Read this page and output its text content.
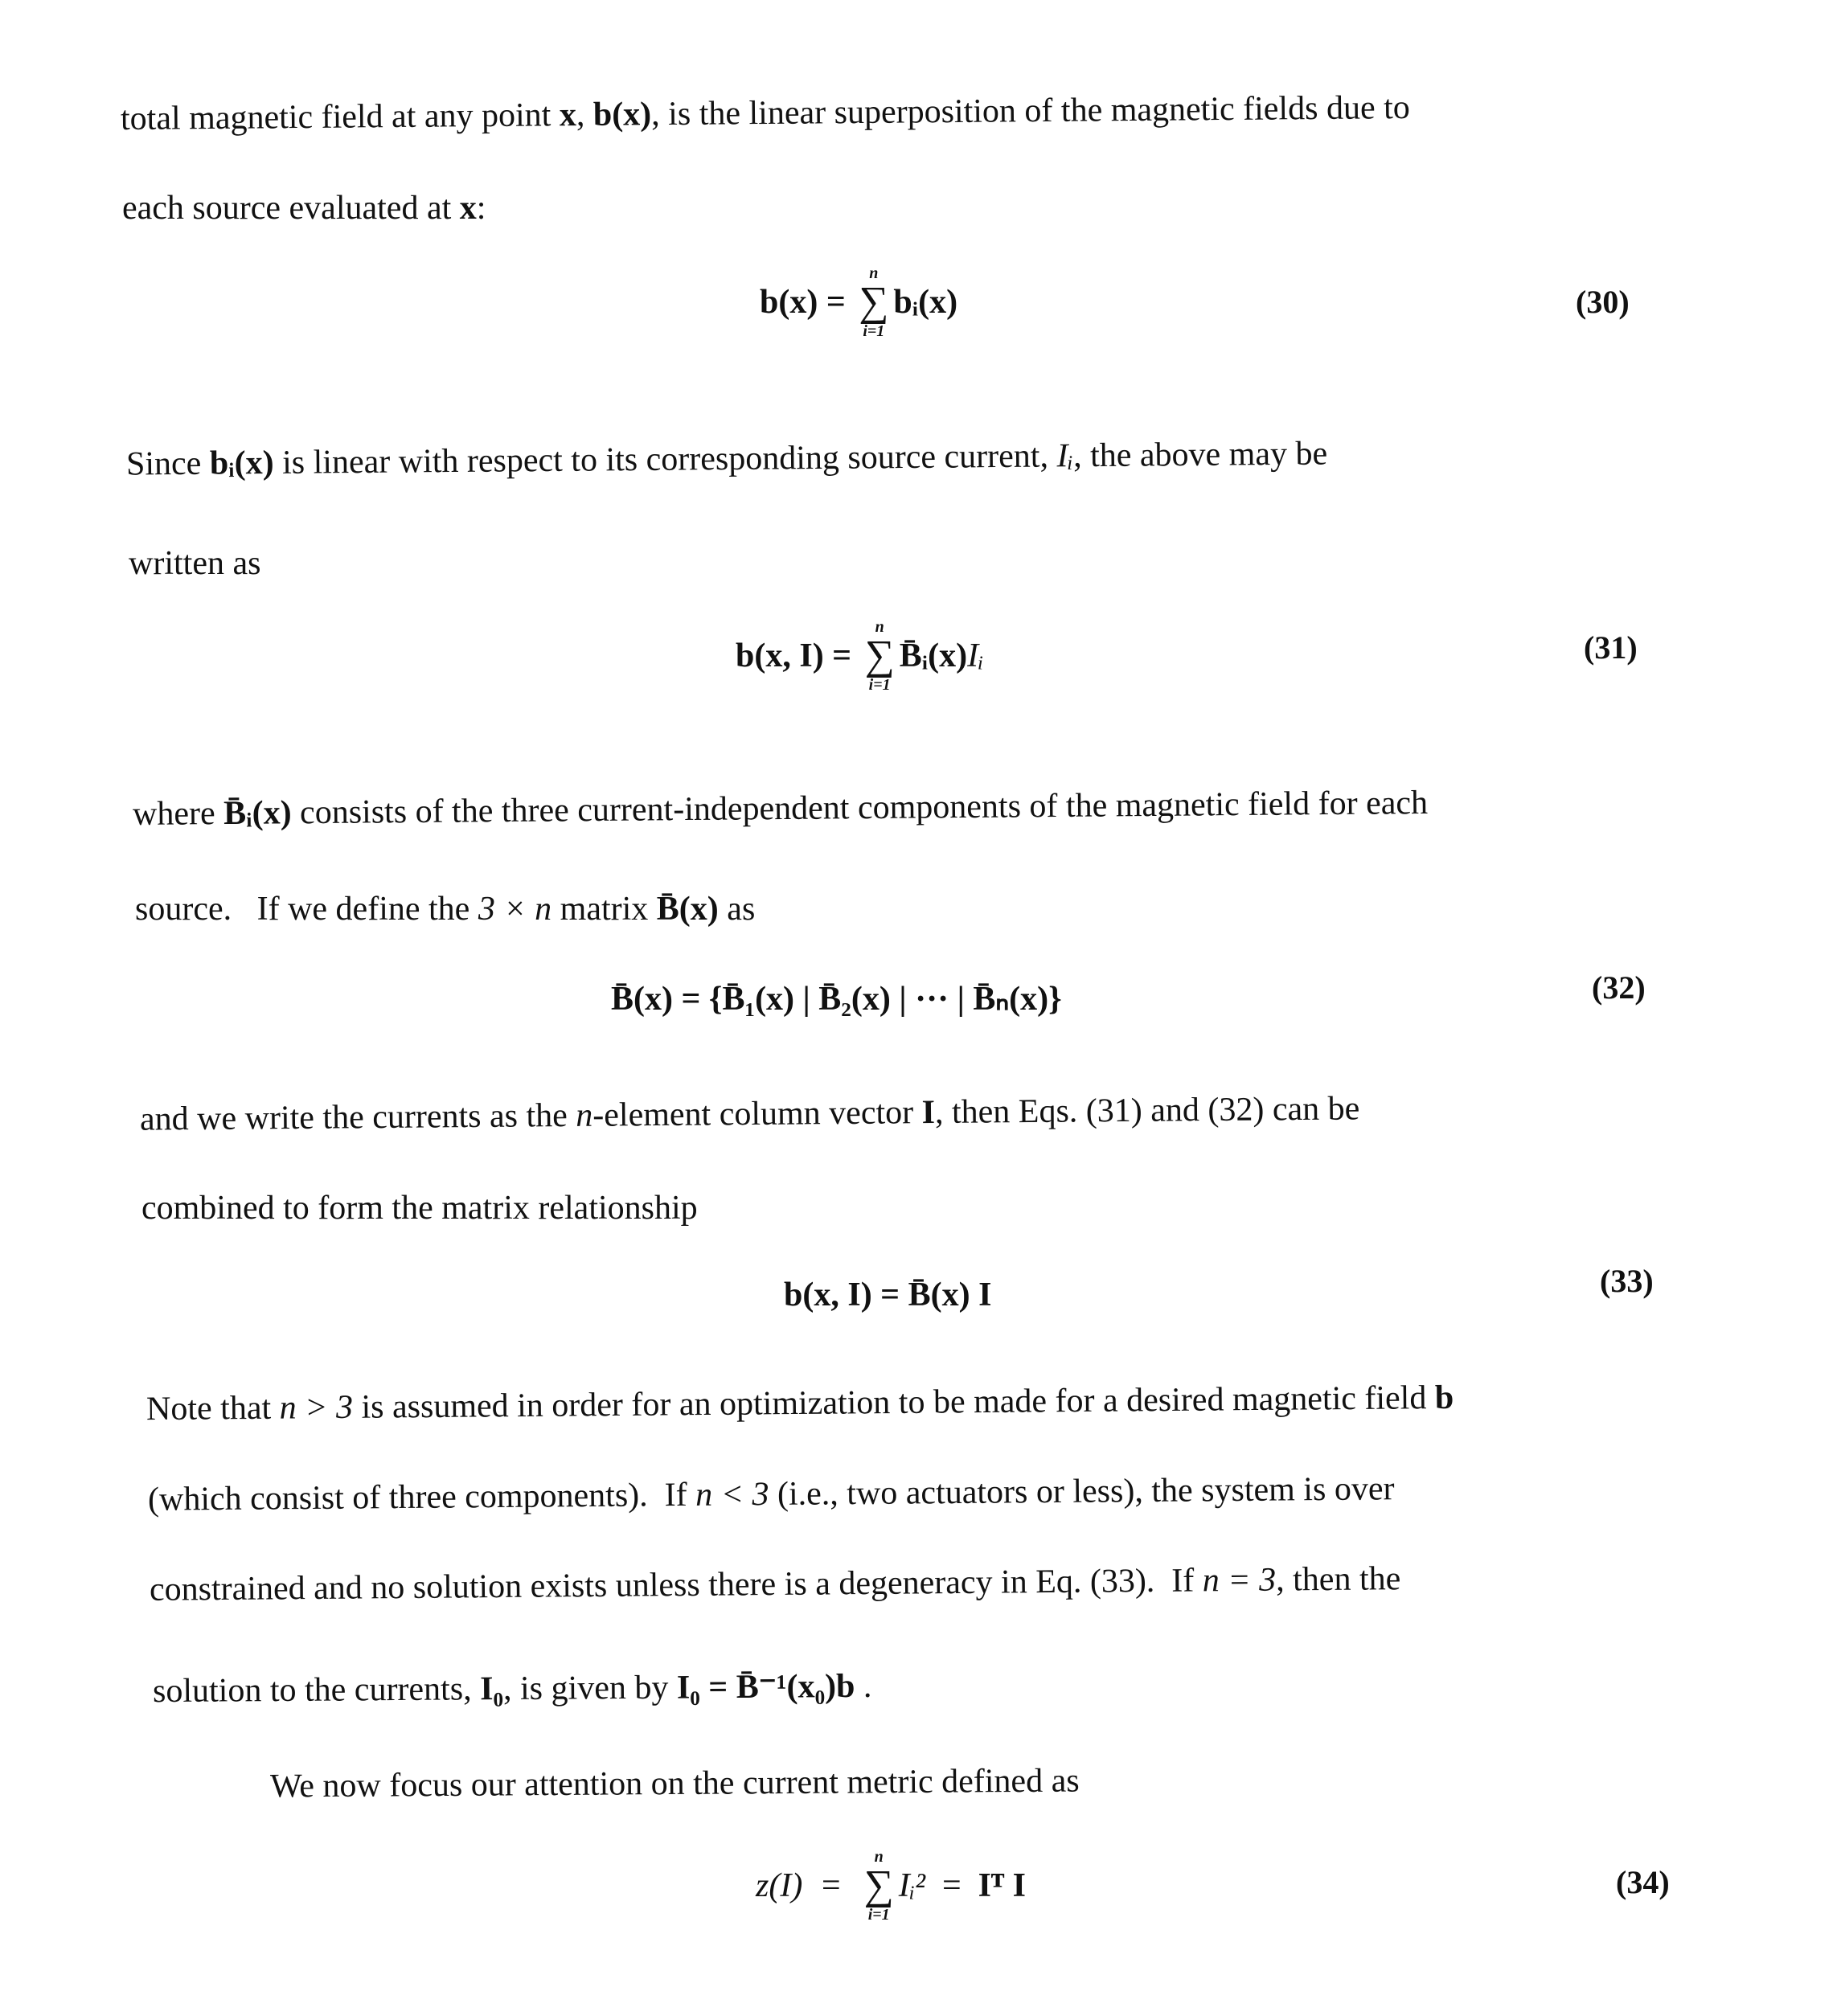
total magnetic field at any point x, b(x), is the linear superposition of the magnetic fields due to
each source evaluated at x:
b(x) =
n
∑
i=1
bᵢ(x)	(30)
Since bᵢ(x) is linear with respect to its corresponding source current, Iᵢ, the above may be
written as
b(x, I) =
n
∑
i=1
B̄ᵢ(x) Iᵢ	(31)
where B̄ᵢ(x) consists of the three current-independent components of the magnetic field for each
source.   If we define the 3 × n matrix B̄(x) as
B̄(x) = {B̄₁(x) | B̄₂(x) | ··· | B̄ₙ(x)}	(32)
and we write the currents as the n-element column vector I, then Eqs. (31) and (32) can be
combined to form the matrix relationship
b(x, I) = B̄(x) I	(33)
Note that n > 3 is assumed in order for an optimization to be made for a desired magnetic field b
(which consist of three components).  If n < 3 (i.e., two actuators or less), the system is over
constrained and no solution exists unless there is a degeneracy in Eq. (33).  If n = 3, then the
solution to the currents, I₀, is given by I₀ = B̄⁻¹(x₀)b .
We now focus our attention on the current metric defined as
z(I)  =
n
∑
i=1
Iᵢ² = Iᵀ I	(34)
